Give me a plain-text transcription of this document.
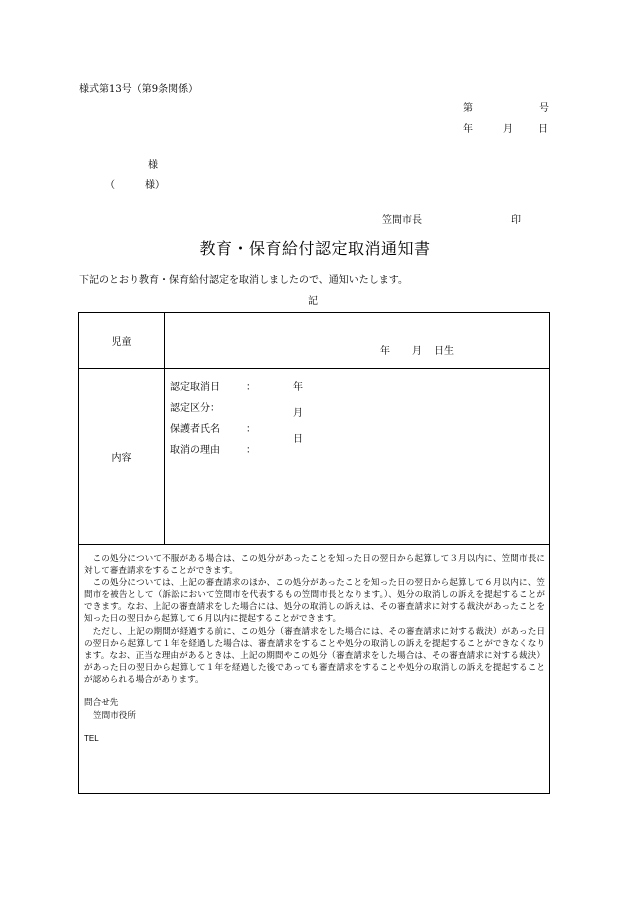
様式第13号（第9条関係）
第	号
年	月	日
様
（	様）
笠間市長	印
教育・保育給付認定取消通知書
下記のとおり教育・保育給付認定を取消しましたので、通知いたします。
記
児童
年 月 日生
内容
認定取消日	：	年月日
認定区分：
保護者氏名	：
取消の理由	：

この処分について不服がある場合は、この処分があったことを知った日の翌日から起算して３月以内に、笠間市長に対して審査請求をすることができます。

この処分については、上記の審査請求のほか、この処分があったことを知った日の翌日から起算して６月以内に、笠間市を被告として（訴訟において笠間市を代表するもの笠間市長となります。）、処分の取消しの訴えを提起することができます。なお、上記の審査請求をした場合には、処分の取消しの訴えは、その審査請求に対する裁決があったことを知った日の翌日から起算して６月以内に提起することができます。

ただし、上記の期間が経過する前に、この処分（審査請求をした場合には、その審査請求に対する裁決）があった日の翌日から起算して１年を経過した場合は、審査請求をすることや処分の取消しの訴えを提起することができなくなります。なお、正当な理由があるときは、上記の期間やこの処分（審査請求をした場合は、その審査請求に対する裁決）があった日の翌日から起算して１年を経過した後であっても審査請求をすることや処分の取消しの訴えを提起することが認められる場合があります。

問合せ先
笠間市役所
TEL
